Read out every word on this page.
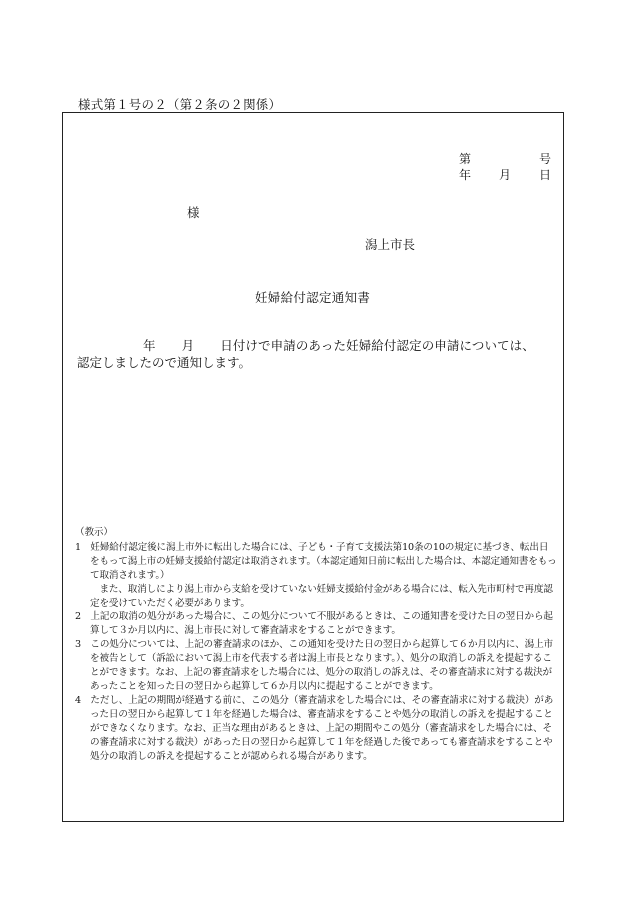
様式第１号の２（第２条の２関係）
第	号
年 月 日
様
潟上市長
妊婦給付認定通知書
年 月 日付けで申請のあった妊婦給付認定の申請については、
認定しましたので通知します。
（教示）
1　 妊婦給付認定後に潟上市外に転出した場合には、子ども・子育て支援法第10条の10の規定に基づき、転出日をもって潟上市の妊婦支援給付認定は取消されます。（本認定通知日前に転出した場合は、本認定通知書をもって取消されます。）
　また、取消しにより潟上市から支給を受けていない妊婦支援給付金がある場合には、転入先市町村で再度認定を受けていただく必要があります。
2　 上記の取消の処分があった場合に、この処分について不服があるときは、この通知書を受けた日の翌日から起算して３か月以内に、潟上市長に対して審査請求をすることができます。
3　 この処分については、上記の審査請求のほか、この通知を受けた日の翌日から起算して６か月以内に、潟上市を被告として（訴訟において潟上市を代表する者は潟上市長となります。）、処分の取消しの訴えを提起することができます。なお、上記の審査請求をした場合には、処分の取消しの訴えは、その審査請求に対する裁決があったことを知った日の翌日から起算して６か月以内に提起することができます。
4　 ただし、上記の期間が経過する前に、この処分（審査請求をした場合には、その審査請求に対する裁決）があった日の翌日から起算して１年を経過した場合は、審査請求をすることや処分の取消しの訴えを提起することができなくなります。なお、正当な理由があるときは、上記の期間やこの処分（審査請求をした場合には、その審査請求に対する裁決）があった日の翌日から起算して１年を経過した後であっても審査請求をすることや処分の取消しの訴えを提起することが認められる場合があります。
